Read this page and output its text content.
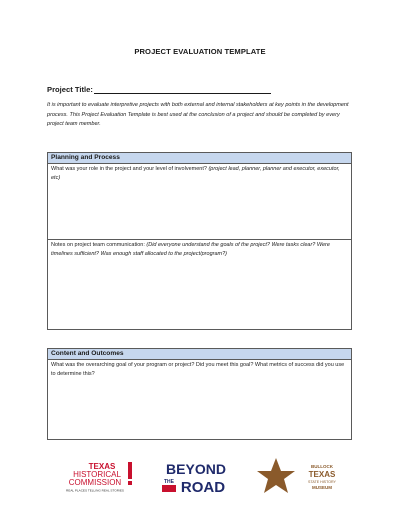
PROJECT EVALUATION TEMPLATE
Project Title:
It is important to evaluate interpretive projects with both external and internal stakeholders at key points in the development process. This Project Evaluation Template is best used at the conclusion of a project and should be completed by every project team member.
Planning and Process
What was your role in the project and your level of involvement? (project lead, planner, planner and executor, executor, etc)
Notes on project team communication: (Did everyone understand the goals of the project? Were tasks clear? Were timelines sufficient? Was enough staff allocated to the project/program?)
Content and Outcomes
What was the overarching goal of your program or project? Did you meet this goal? What metrics of success did you use to determine this?
TEXAS
HISTORICAL
COMMISSION
REAL PLACES TELLING REAL STORIES
BEYOND
THE ROAD
BULLOCK
TEXAS
STATE HISTORY
MUSEUM
